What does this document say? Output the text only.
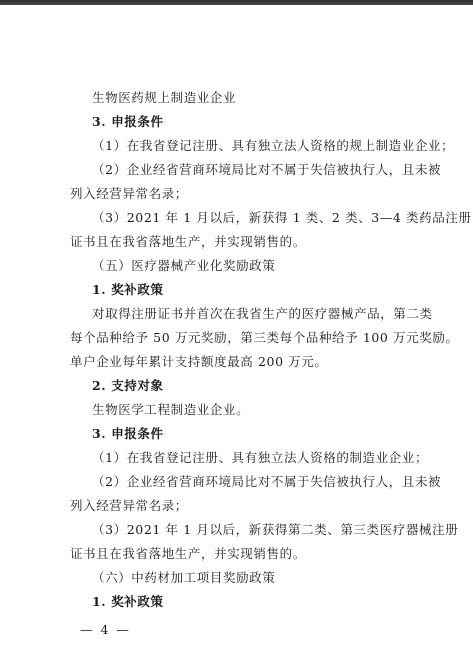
生物医药规上制造业企业
3. 申报条件
（1）在我省登记注册、具有独立法人资格的规上制造业企业；
（2）企业经省营商环境局比对不属于失信被执行人，且未被
列入经营异常名录；
（3）2021 年 1 月以后，新获得 1 类、2 类、3—4 类药品注册
证书且在我省落地生产，并实现销售的。
（五）医疗器械产业化奖励政策
1. 奖补政策
对取得注册证书并首次在我省生产的医疗器械产品，第二类
每个品种给予 50 万元奖励，第三类每个品种给予 100 万元奖励。
单户企业每年累计支持额度最高 200 万元。
2. 支持对象
生物医学工程制造业企业。
3. 申报条件
（1）在我省登记注册、具有独立法人资格的制造业企业；
（2）企业经省营商环境局比对不属于失信被执行人，且未被
列入经营异常名录；
（3）2021 年 1 月以后，新获得第二类、第三类医疗器械注册
证书且在我省落地生产，并实现销售的。
（六）中药材加工项目奖励政策
1. 奖补政策
— 4 —
